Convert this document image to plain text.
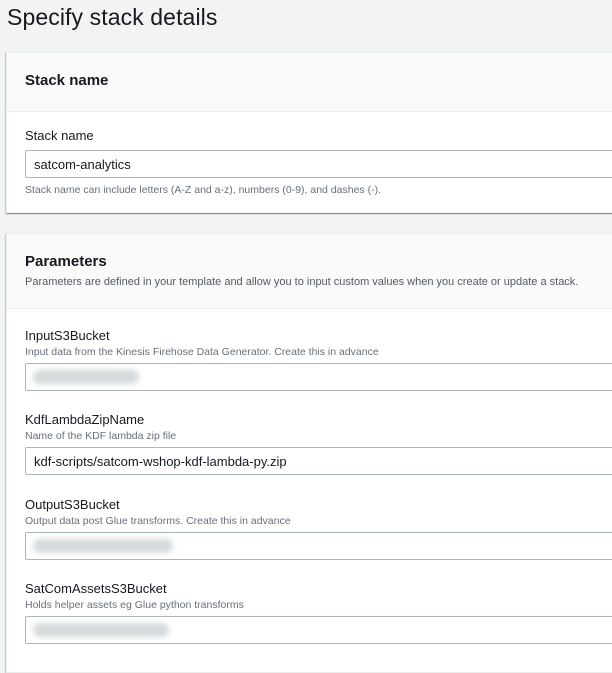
Specify stack details
Stack name
Stack name
satcom-analytics
Stack name can include letters (A-Z and a-z), numbers (0-9), and dashes (-).
Parameters

Parameters are defined in your template and allow you to input custom values when you create or update a stack.

InputS3Bucket
Input data from the Kinesis Firehose Data Generator. Create this in advance
KdfLambdaZipName
Name of the KDF lambda zip file
kdf-scripts/satcom-wshop-kdf-lambda-py.zip
OutputS3Bucket
Output data post Glue transforms. Create this in advance
SatComAssetsS3Bucket
Holds helper assets eg Glue python transforms
